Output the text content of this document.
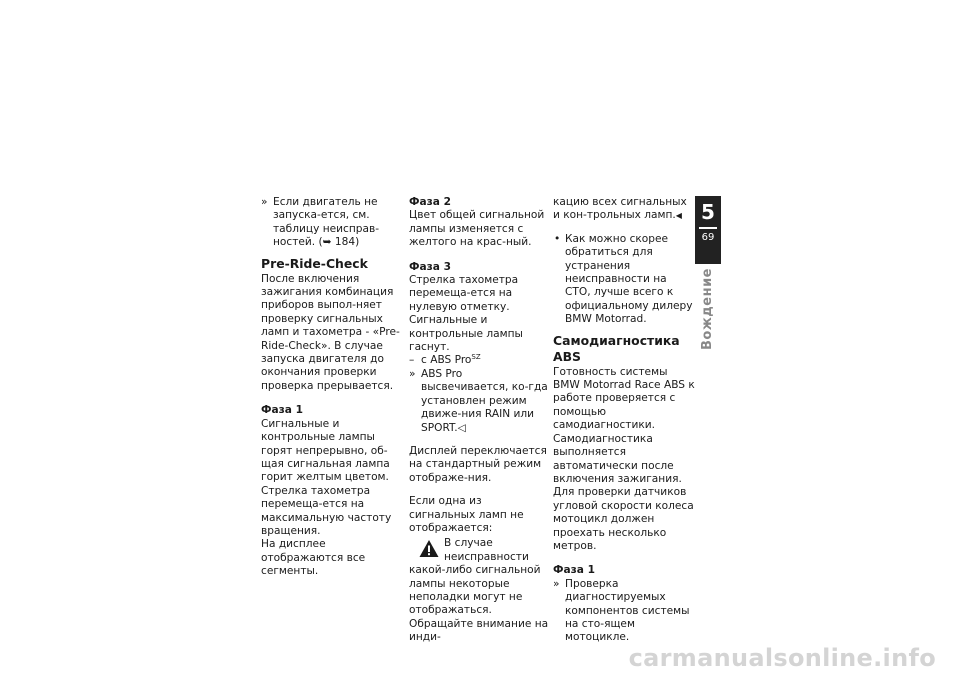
» Если двигатель не запуска-ется, см. таблицу неисправ-ностей. (➥ 184)
Pre-Ride-Check

После включения зажигания комбинация приборов выпол-няет проверку сигнальных ламп и тахометра - «Pre-Ride-Check». В случае запуска двигателя до окончания проверки проверка прерывается.

Фаза 1

Сигнальные и контрольные лампы горят непрерывно, об-щая сигнальная лампа горит желтым цветом.

Стрелка тахометра перемеща-ется на максимальную частоту вращения.

На дисплее отображаются все сегменты.

Фаза 2

Цвет общей сигнальной лампы изменяется с желтого на крас-ный.

Фаза 3

Стрелка тахометра перемеща-ется на нулевую отметку.

Сигнальные и контрольные лампы гаснут.

– с ABS Pro$^{SZ}$
» ABS Pro высвечивается, ко-гда установлен режим движе-ния RAIN или SPORT.◁

Дисплей переключается на стандартный режим отображе-ния.

Если одна из сигнальных ламп не отображается:

В случае неисправности какой-либо сигнальной лампы некоторые неполадки могут не отображаться. Обращайте внимание на инди-

кацию всех сигнальных и кон-трольных ламп.◀

• Как можно скорее обратиться для устранения неисправности на СТО, лучше всего к официальному дилеру BMW Motorrad.
Самодиагностика ABS

Готовность системы BMW Motorrad Race ABS к работе проверяется с помощью самодиагностики. Самодиагностика выполняется автоматически после включения зажигания. Для проверки датчиков угловой скорости колеса мотоцикл должен проехать несколько метров.

Фаза 1
» Проверка диагностируемых компонентов системы на сто-ящем мотоцикле.
5
69
Вождение
carmanualsonline.info
